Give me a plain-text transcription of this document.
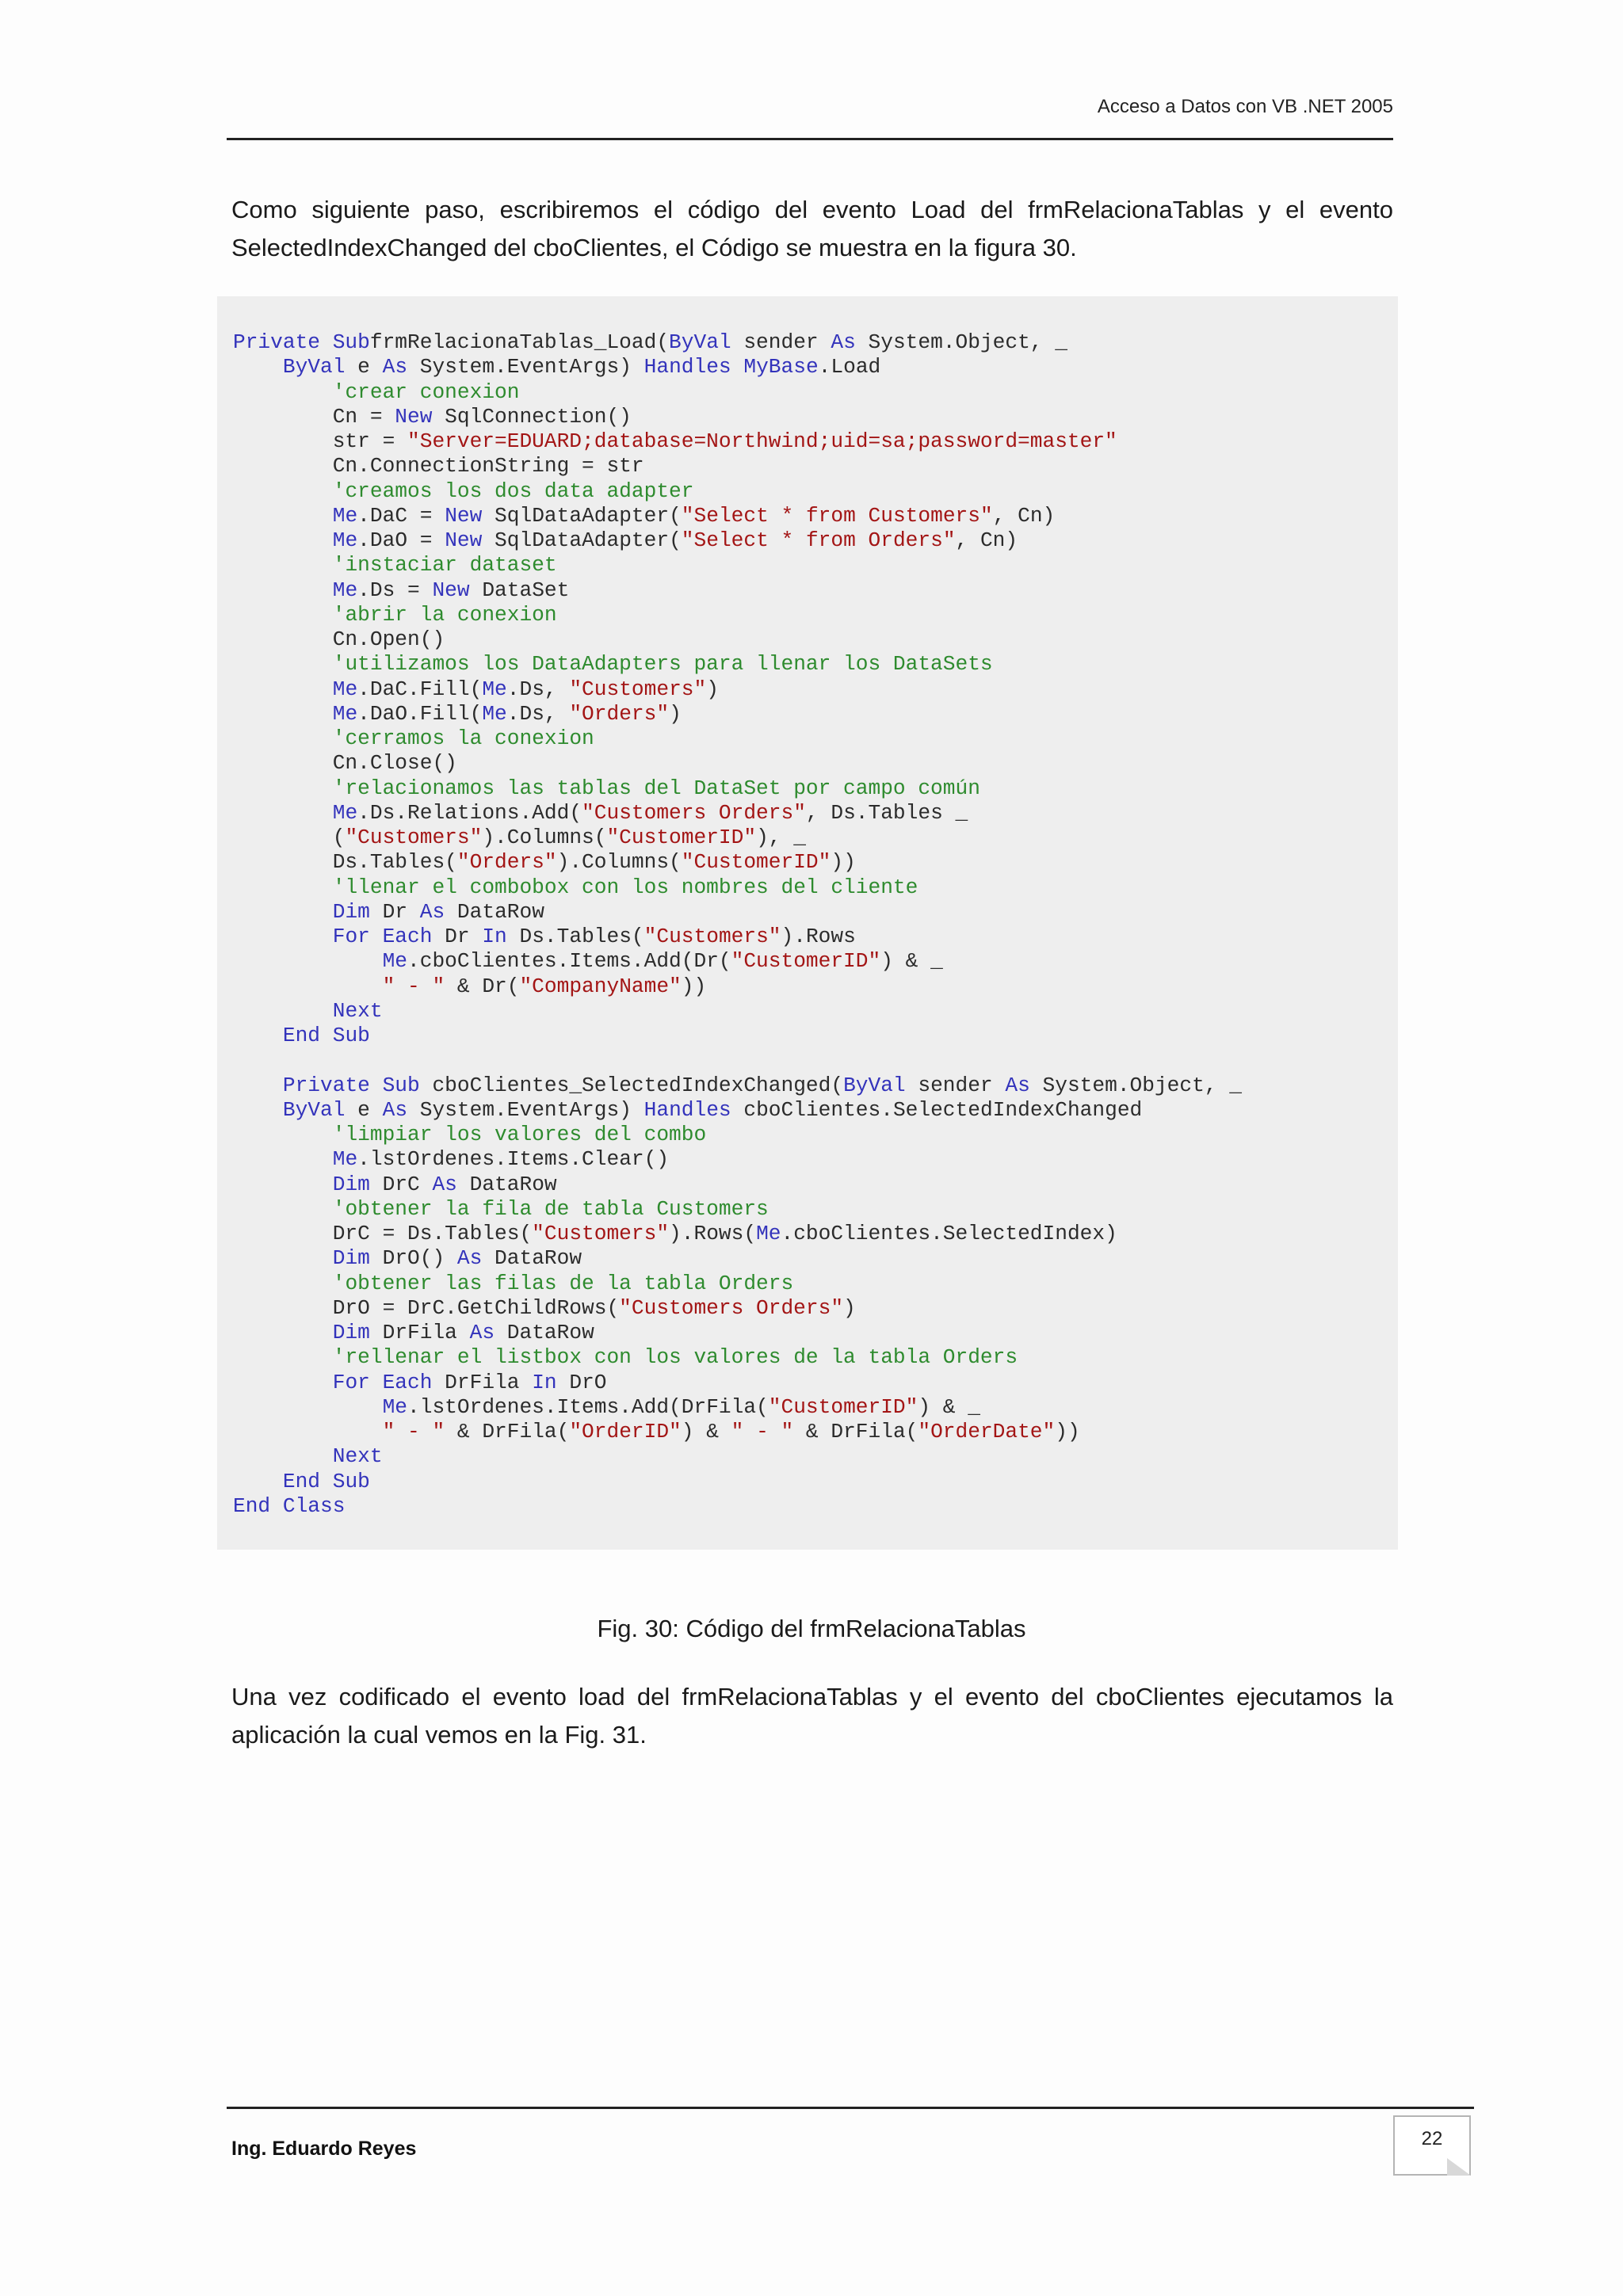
Acceso a Datos con VB .NET 2005

Como siguiente paso, escribiremos el código del evento Load del frmRelacionaTablas y el evento SelectedIndexChanged del cboClientes, el Código se muestra en la figura 30.

Private SubfrmRelacionaTablas_Load(ByVal sender As System.Object, _
ByVal e As System.EventArgs) Handles MyBase.Load
'crear conexion
Cn = New SqlConnection()
str = "Server=EDUARD;database=Northwind;uid=sa;password=master"
Cn.ConnectionString = str
'creamos los dos data adapter
Me.DaC = New SqlDataAdapter("Select * from Customers", Cn)
Me.DaO = New SqlDataAdapter("Select * from Orders", Cn)
'instaciar dataset
Me.Ds = New DataSet
'abrir la conexion
Cn.Open()
'utilizamos los DataAdapters para llenar los DataSets
Me.DaC.Fill(Me.Ds, "Customers")
Me.DaO.Fill(Me.Ds, "Orders")
'cerramos la conexion
Cn.Close()
'relacionamos las tablas del DataSet por campo común
Me.Ds.Relations.Add("Customers Orders", Ds.Tables _
("Customers").Columns("CustomerID"), _
Ds.Tables("Orders").Columns("CustomerID"))
'llenar el combobox con los nombres del cliente
Dim Dr As DataRow
For Each Dr In Ds.Tables("Customers").Rows
Me.cboClientes.Items.Add(Dr("CustomerID") & _
" - " & Dr("CompanyName"))
Next
End Sub
Private Sub cboClientes_SelectedIndexChanged(ByVal sender As System.Object, _
ByVal e As System.EventArgs) Handles cboClientes.SelectedIndexChanged
'limpiar los valores del combo
Me.lstOrdenes.Items.Clear()
Dim DrC As DataRow
'obtener la fila de tabla Customers
DrC = Ds.Tables("Customers").Rows(Me.cboClientes.SelectedIndex)
Dim DrO() As DataRow
'obtener las filas de la tabla Orders
DrO = DrC.GetChildRows("Customers Orders")
Dim DrFila As DataRow
'rellenar el listbox con los valores de la tabla Orders
For Each DrFila In DrO
Me.lstOrdenes.Items.Add(DrFila("CustomerID") & _
" - " & DrFila("OrderID") & " - " & DrFila("OrderDate"))
Next
End Sub
End Class
Fig. 30: Código del frmRelacionaTablas

Una vez codificado el evento load del frmRelacionaTablas y el evento del cboClientes ejecutamos la aplicación la cual vemos en la Fig. 31.

Ing. Eduardo Reyes	22
